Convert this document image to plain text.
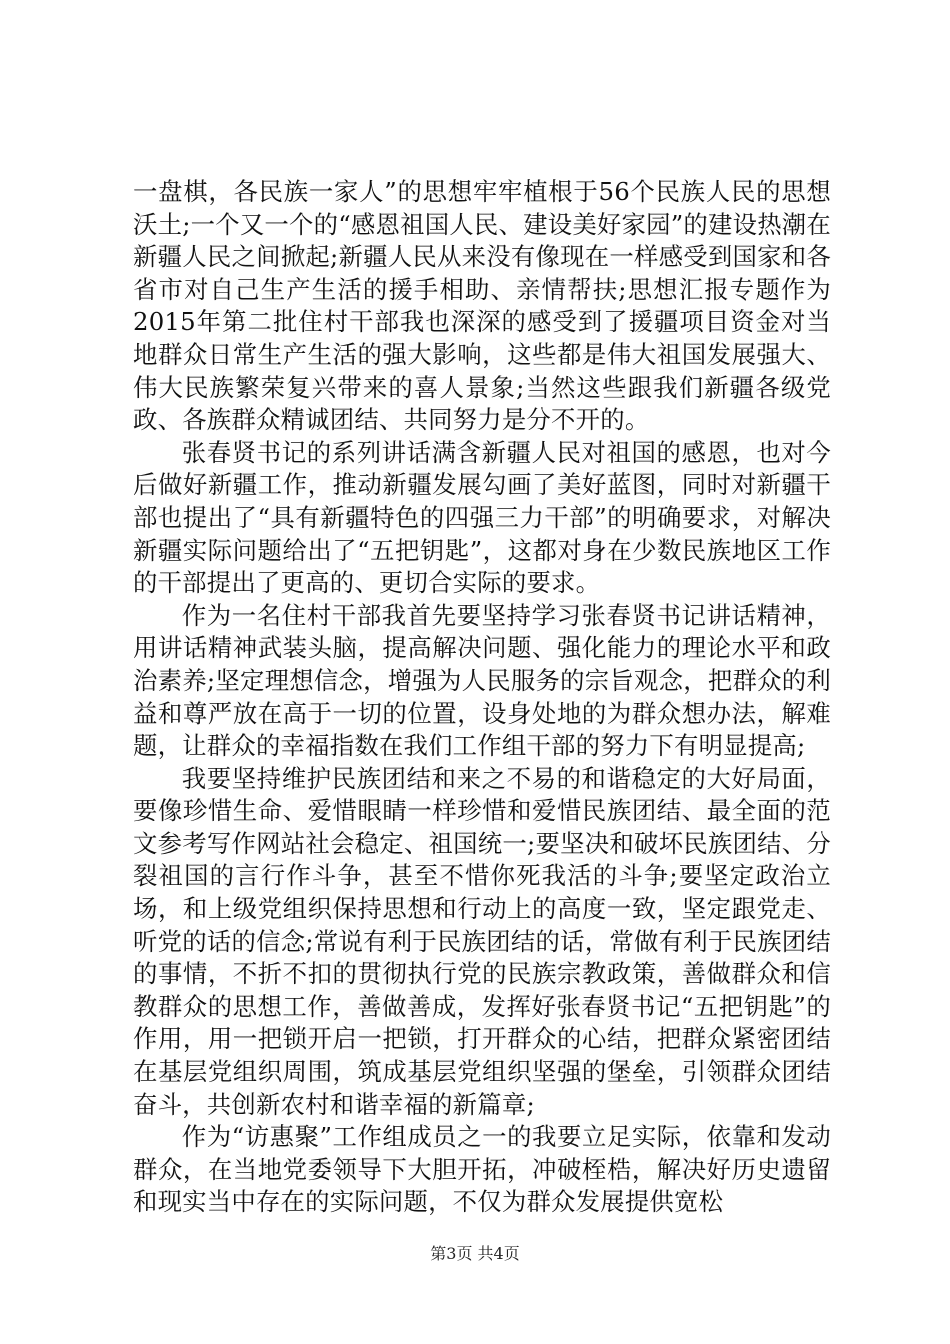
一盘棋，各民族一家人”的思想牢牢植根于56个民族人民的思想沃土;一个又一个的“感恩祖国人民、建设美好家园”的建设热潮在新疆人民之间掀起;新疆人民从来没有像现在一样感受到国家和各省市对自己生产生活的援手相助、亲情帮扶;思想汇报专题作为2015年第二批住村干部我也深深的感受到了援疆项目资金对当地群众日常生产生活的强大影响，这些都是伟大祖国发展强大、伟大民族繁荣复兴带来的喜人景象;当然这些跟我们新疆各级党政、各族群众精诚团结、共同努力是分不开的。

张春贤书记的系列讲话满含新疆人民对祖国的感恩，也对今后做好新疆工作，推动新疆发展勾画了美好蓝图，同时对新疆干部也提出了“具有新疆特色的四强三力干部”的明确要求，对解决新疆实际问题给出了“五把钥匙”，这都对身在少数民族地区工作的干部提出了更高的、更切合实际的要求。

作为一名住村干部我首先要坚持学习张春贤书记讲话精神，用讲话精神武装头脑，提高解决问题、强化能力的理论水平和政治素养;坚定理想信念，增强为人民服务的宗旨观念，把群众的利益和尊严放在高于一切的位置，设身处地的为群众想办法，解难题，让群众的幸福指数在我们工作组干部的努力下有明显提高;

我要坚持维护民族团结和来之不易的和谐稳定的大好局面，要像珍惜生命、爱惜眼睛一样珍惜和爱惜民族团结、最全面的范文参考写作网站社会稳定、祖国统一;要坚决和破坏民族团结、分裂祖国的言行作斗争，甚至不惜你死我活的斗争;要坚定政治立场，和上级党组织保持思想和行动上的高度一致，坚定跟党走、听党的话的信念;常说有利于民族团结的话，常做有利于民族团结的事情，不折不扣的贯彻执行党的民族宗教政策，善做群众和信教群众的思想工作，善做善成，发挥好张春贤书记“五把钥匙”的作用，用一把锁开启一把锁，打开群众的心结，把群众紧密团结在基层党组织周围，筑成基层党组织坚强的堡垒，引领群众团结奋斗，共创新农村和谐幸福的新篇章;

作为“访惠聚”工作组成员之一的我要立足实际，依靠和发动群众，在当地党委领导下大胆开拓，冲破桎梏，解决好历史遗留和现实当中存在的实际问题，不仅为群众发展提供宽松

第3页 共4页
